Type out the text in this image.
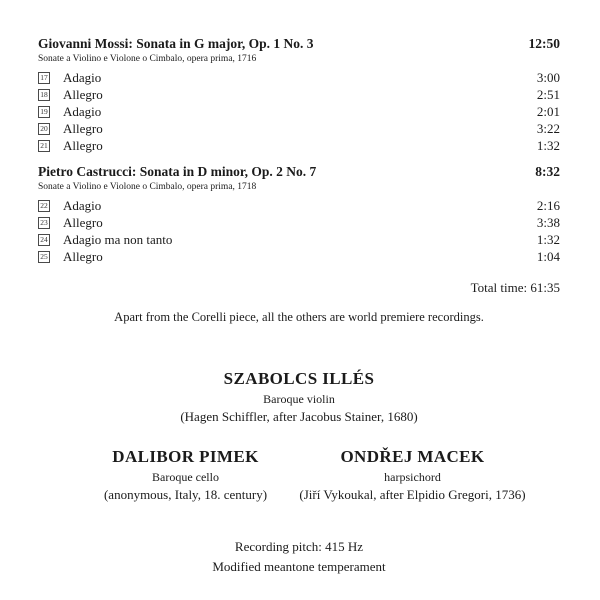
Giovanni Mossi: Sonata in G major, Op. 1 No. 3	12:50
Sonate a Violino e Violone o Cimbalo, opera prima, 1716
17 Adagio	3:00
18 Allegro	2:51
19 Adagio	2:01
20 Allegro	3:22
21 Allegro	1:32
Pietro Castrucci: Sonata in D minor, Op. 2 No. 7	8:32
Sonate a Violino e Violone o Cimbalo, opera prima, 1718
22 Adagio	2:16
23 Allegro	3:38
24 Adagio ma non tanto	1:32
25 Allegro	1:04
Total time: 61:35
Apart from the Corelli piece, all the others are world premiere recordings.
SZABOLCS ILLÉS
Baroque violin
(Hagen Schiffler, after Jacobus Stainer, 1680)
DALIBOR PIMEK
Baroque cello
(anonymous, Italy, 18. century)
ONDŘEJ MACEK
harpsichord
(Jiří Vykoukal, after Elpidio Gregori, 1736)
Recording pitch: 415 Hz
Modified meantone temperament
